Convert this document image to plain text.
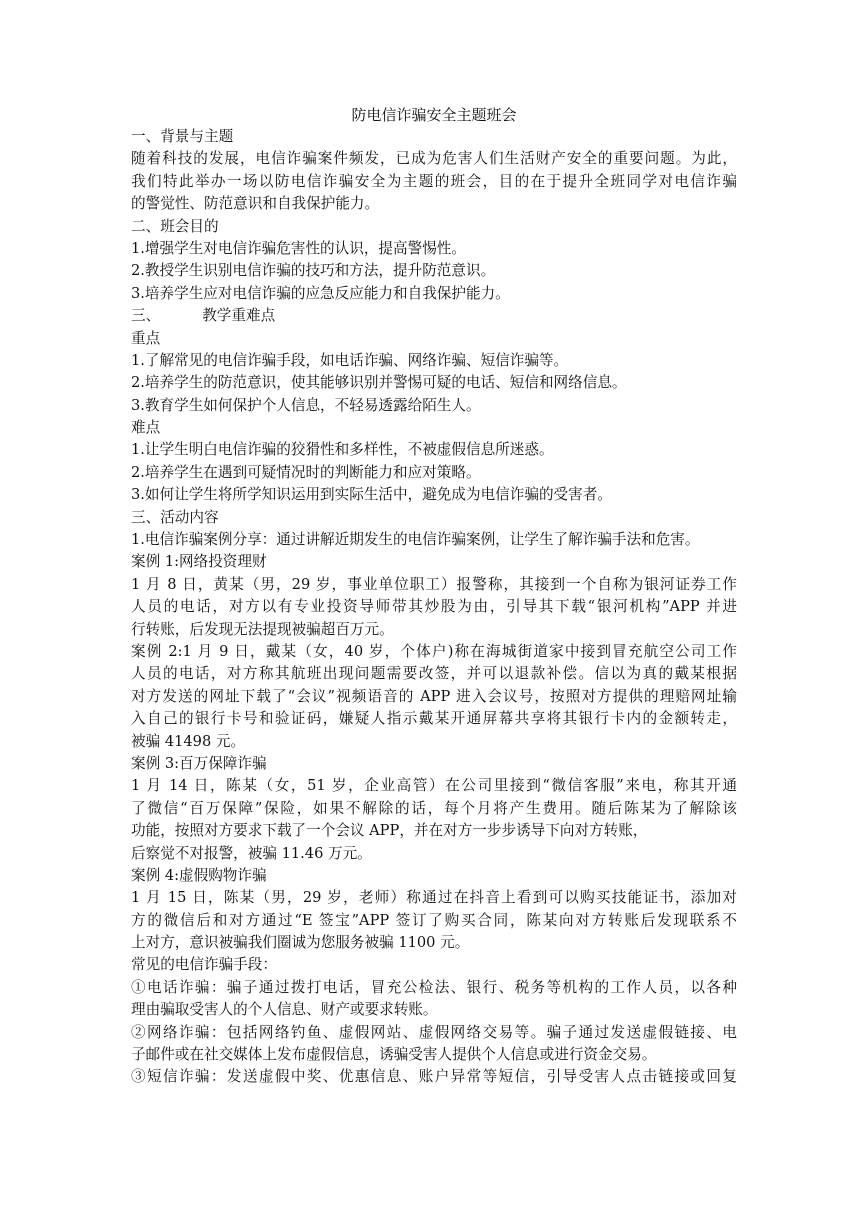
防电信诈骗安全主题班会
一、背景与主题
随着科技的发展，电信诈骗案件频发，已成为危害人们生活财产安全的重要问题。为此，
我们特此举办一场以防电信诈骗安全为主题的班会，目的在于提升全班同学对电信诈骗
的警觉性、防范意识和自我保护能力。
二、班会目的
1.增强学生对电信诈骗危害性的认识，提高警惕性。
2.教授学生识别电信诈骗的技巧和方法，提升防范意识。
3.培养学生应对电信诈骗的应急反应能力和自我保护能力。
三、	教学重难点
重点
1.了解常见的电信诈骗手段，如电话诈骗、网络诈骗、短信诈骗等。
2.培养学生的防范意识，使其能够识别并警惕可疑的电话、短信和网络信息。
3.教育学生如何保护个人信息，不轻易透露给陌生人。
难点
1.让学生明白电信诈骗的狡猾性和多样性，不被虚假信息所迷惑。
2.培养学生在遇到可疑情况时的判断能力和应对策略。
3.如何让学生将所学知识运用到实际生活中，避免成为电信诈骗的受害者。
三、活动内容
1.电信诈骗案例分享：通过讲解近期发生的电信诈骗案例，让学生了解诈骗手法和危害。
案例 1:网络投资理财
1 月 8 日，黄某（男，29 岁，事业单位职工）报警称，其接到一个自称为银河证券工作
人员的电话，对方以有专业投资导师带其炒股为由，引导其下载“银河机构”APP 并进
行转账，后发现无法提现被骗超百万元。
案例 2:1 月 9 日，戴某（女，40 岁，个体户)称在海城街道家中接到冒充航空公司工作
人员的电话，对方称其航班出现问题需要改签，并可以退款补偿。信以为真的戴某根据
对方发送的网址下载了“会议”视频语音的 APP 进入会议号，按照对方提供的理赔网址输
入自己的银行卡号和验证码，嫌疑人指示戴某开通屏幕共享将其银行卡内的金额转走，
被骗 41498 元。
案例 3:百万保障诈骗
1 月 14 日，陈某（女，51 岁，企业高管）在公司里接到“微信客服”来电，称其开通
了微信“百万保障”保险，如果不解除的话，每个月将产生费用。随后陈某为了解除该
功能，按照对方要求下载了一个会议 APP，并在对方一步步诱导下向对方转账，
后察觉不对报警，被骗 11.46 万元。
案例 4:虚假购物诈骗
1 月 15 日，陈某（男，29 岁，老师）称通过在抖音上看到可以购买技能证书，添加对
方的微信后和对方通过“E 签宝”APP 签订了购买合同，陈某向对方转账后发现联系不
上对方，意识被骗我们圈诚为您服务被骗 1100 元。
常见的电信诈骗手段：
①电话诈骗：骗子通过拨打电话，冒充公检法、银行、税务等机构的工作人员，以各种
理由骗取受害人的个人信息、财产或要求转账。
②网络诈骗：包括网络钓鱼、虚假网站、虚假网络交易等。骗子通过发送虚假链接、电
子邮件或在社交媒体上发布虚假信息，诱骗受害人提供个人信息或进行资金交易。
③短信诈骗：发送虚假中奖、优惠信息、账户异常等短信，引导受害人点击链接或回复
